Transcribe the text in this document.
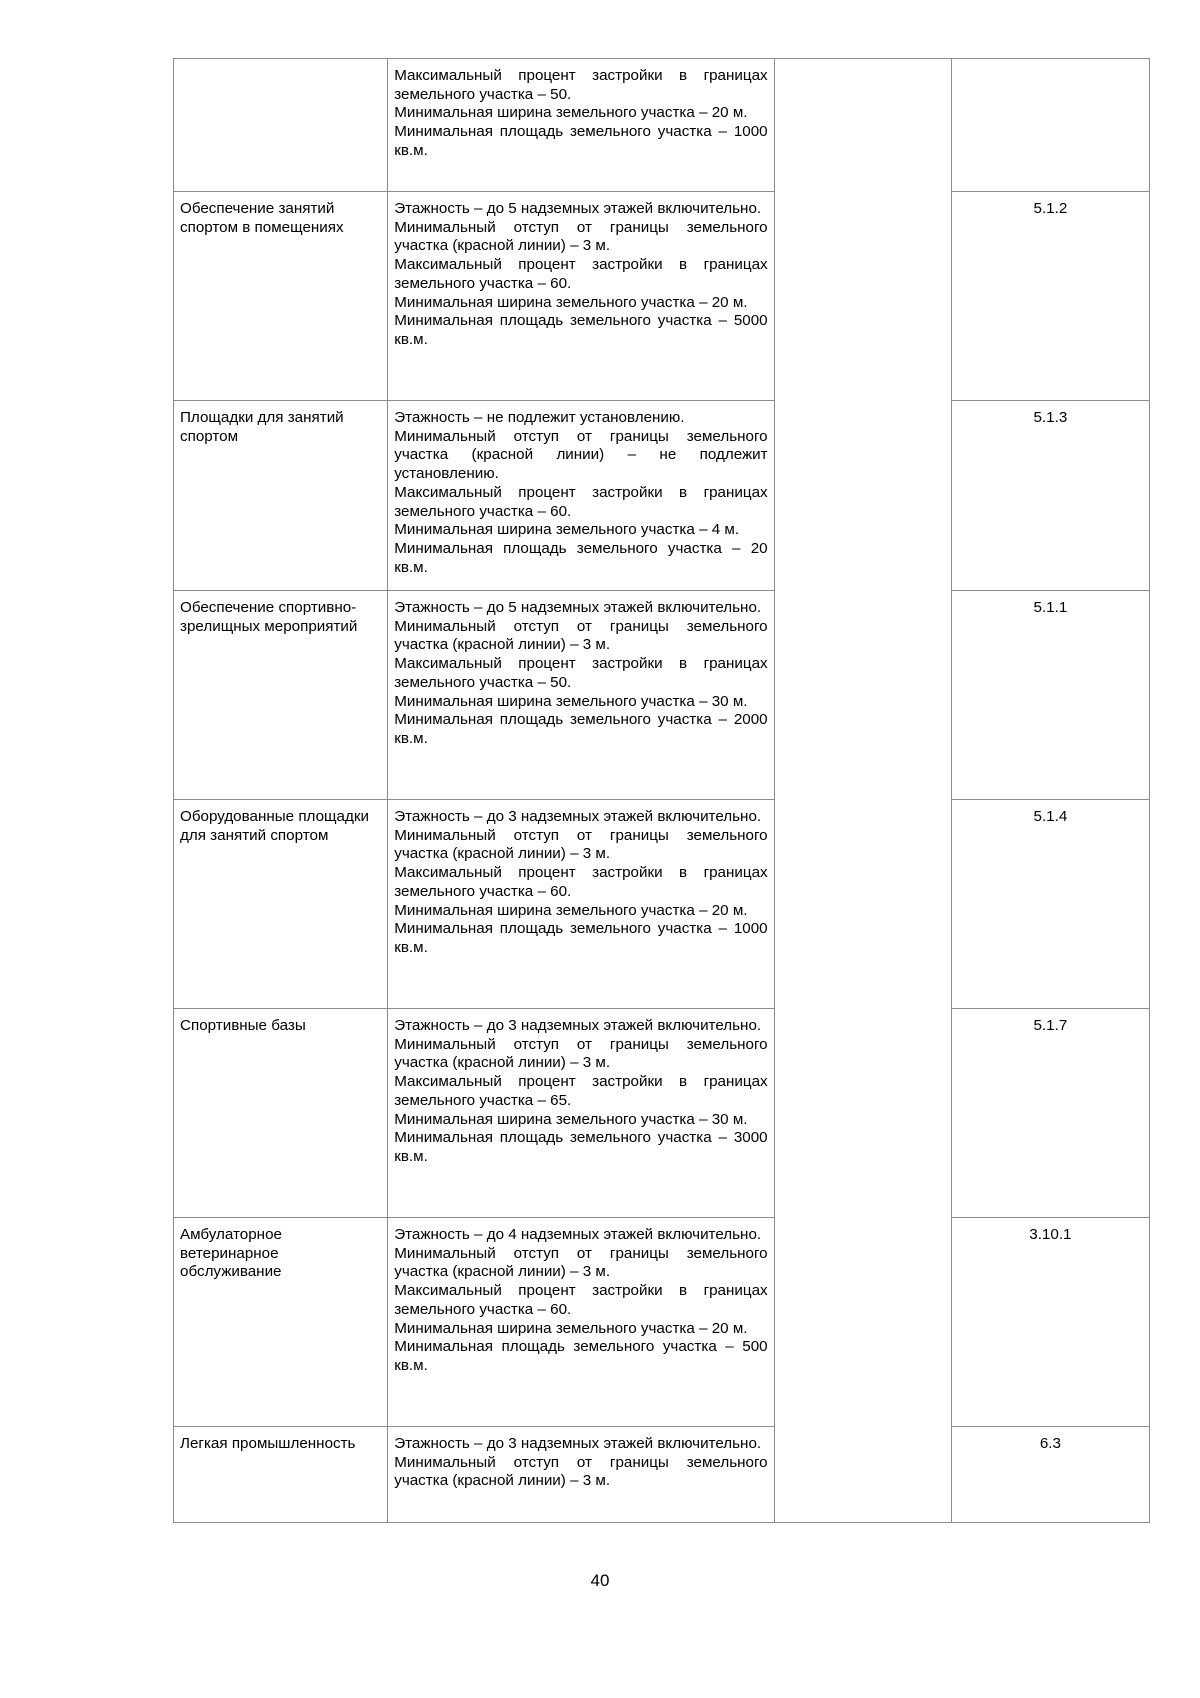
	Максимальный процент застройки в границах земельного участка – 50.
Минимальная ширина земельного участка – 20 м.
Минимальная площадь земельного участка – 1000 кв.м.		

Обеспечение занятий спортом в помещениях	Этажность – до 5 надземных этажей включительно.
Минимальный отступ от границы земельного участка (красной линии) – 3 м.
Максимальный процент застройки в границах земельного участка – 60.
Минимальная ширина земельного участка – 20 м.
Минимальная площадь земельного участка – 5000 кв.м.		5.1.2
Площадки для занятий спортом	Этажность – не подлежит установлению.
Минимальный отступ от границы земельного участка (красной линии) – не подлежит установлению.
Максимальный процент застройки в границах земельного участка – 60.
Минимальная ширина земельного участка – 4 м.
Минимальная площадь земельного участка – 20 кв.м.		5.1.3
Обеспечение спортивно-зрелищных мероприятий	Этажность – до 5 надземных этажей включительно.
Минимальный отступ от границы земельного участка (красной линии) – 3 м.
Максимальный процент застройки в границах земельного участка – 50.
Минимальная ширина земельного участка – 30 м.
Минимальная площадь земельного участка – 2000 кв.м.		5.1.1
Оборудованные площадки для занятий спортом	Этажность – до 3 надземных этажей включительно.
Минимальный отступ от границы земельного участка (красной линии) – 3 м.
Максимальный процент застройки в границах земельного участка – 60.
Минимальная ширина земельного участка – 20 м.
Минимальная площадь земельного участка – 1000 кв.м.		5.1.4
Спортивные базы	Этажность – до 3 надземных этажей включительно.
Минимальный отступ от границы земельного участка (красной линии) – 3 м.
Максимальный процент застройки в границах земельного участка – 65.
Минимальная ширина земельного участка – 30 м.
Минимальная площадь земельного участка – 3000 кв.м.		5.1.7
Амбулаторное ветеринарное обслуживание	Этажность – до 4 надземных этажей включительно.
Минимальный отступ от границы земельного участка (красной линии) – 3 м.
Максимальный процент застройки в границах земельного участка – 60.
Минимальная ширина земельного участка – 20 м.
Минимальная площадь земельного участка – 500 кв.м.		3.10.1
Легкая промышленность	Этажность – до 3 надземных этажей включительно.
Минимальный отступ от границы земельного участка (красной линии) – 3 м.		6.3
40
